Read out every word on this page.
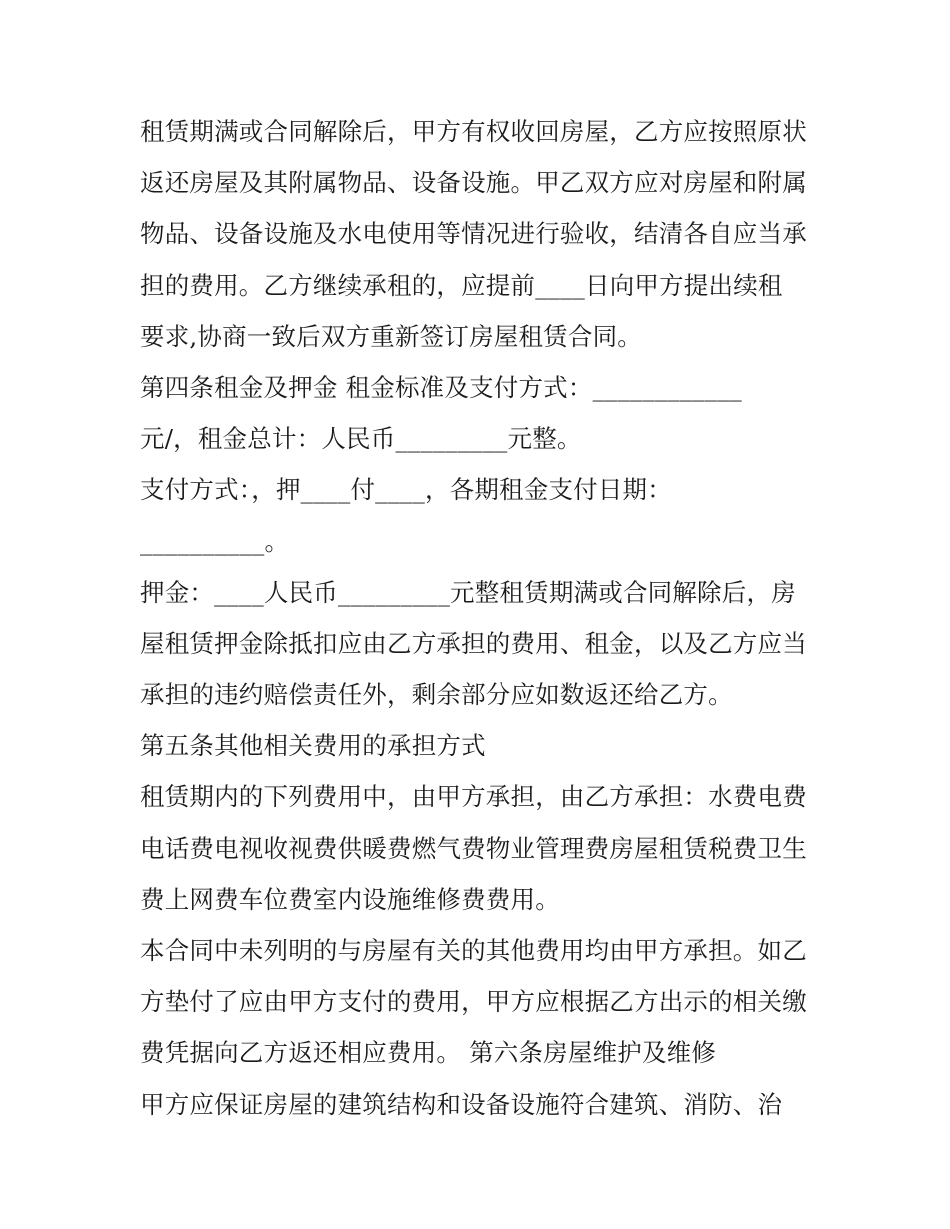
租赁期满或合同解除后，甲方有权收回房屋，乙方应按照原状
返还房屋及其附属物品、设备设施。甲乙双方应对房屋和附属
物品、设备设施及水电使用等情况进行验收，结清各自应当承
担的费用。乙方继续承租的，应提前____日向甲方提出续租
要求,协商一致后双方重新签订房屋租赁合同。
第四条租金及押金 租金标准及支付方式：____________
元/，租金总计：人民币_________元整。
支付方式：，押____付____，各期租金支付日期：
__________。
押金：____人民币_________元整租赁期满或合同解除后，房
屋租赁押金除抵扣应由乙方承担的费用、租金，以及乙方应当
承担的违约赔偿责任外，剩余部分应如数返还给乙方。
第五条其他相关费用的承担方式
租赁期内的下列费用中，由甲方承担，由乙方承担：水费电费
电话费电视收视费供暖费燃气费物业管理费房屋租赁税费卫生
费上网费车位费室内设施维修费费用。
本合同中未列明的与房屋有关的其他费用均由甲方承担。如乙
方垫付了应由甲方支付的费用，甲方应根据乙方出示的相关缴
费凭据向乙方返还相应费用。 第六条房屋维护及维修
甲方应保证房屋的建筑结构和设备设施符合建筑、消防、治
